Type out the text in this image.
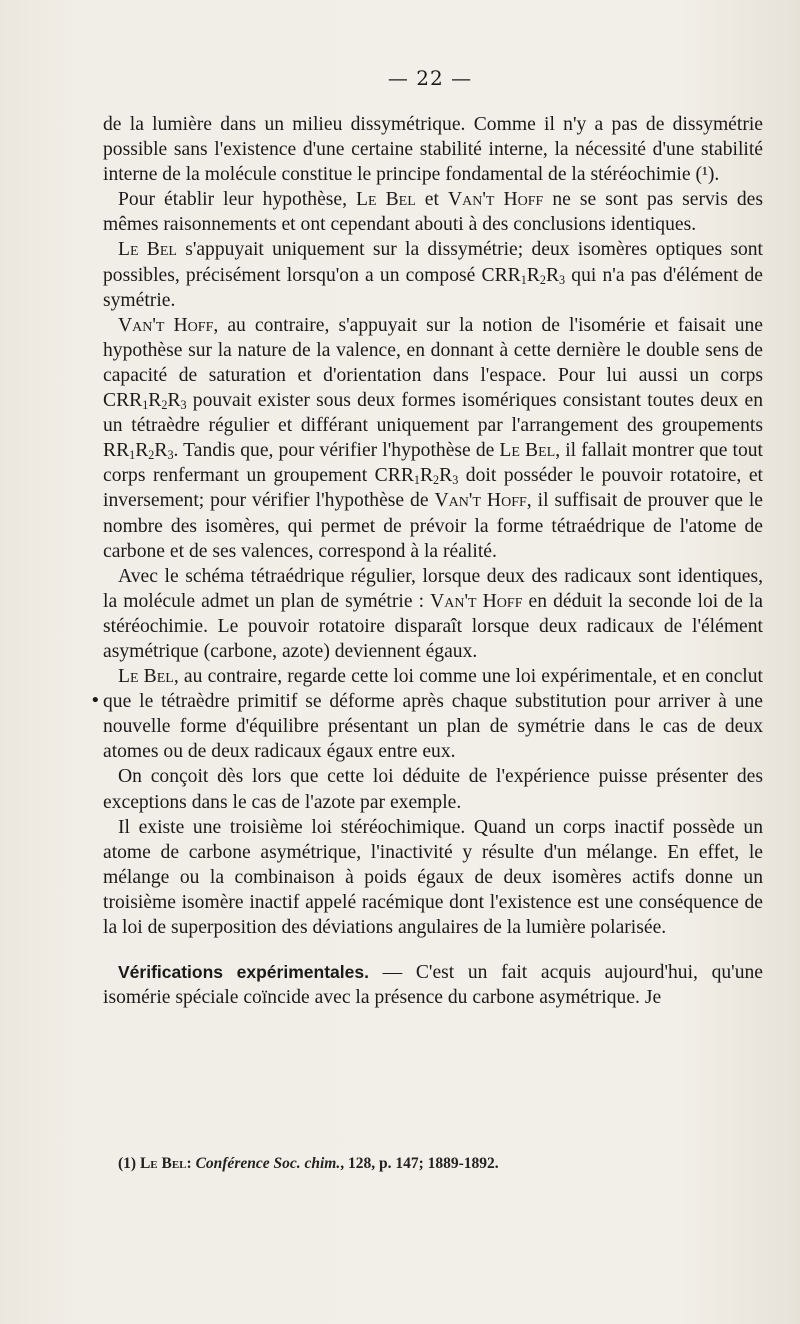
— 22 —
•

de la lumière dans un milieu dissymétrique. Comme il n'y a pas de dissymétrie possible sans l'existence d'une certaine stabilité interne, la nécessité d'une stabilité interne de la molécule constitue le principe fondamental de la stéréochimie (¹).

Pour établir leur hypothèse, Le Bel et Van't Hoff ne se sont pas servis des mêmes raisonnements et ont cependant abouti à des conclusions identiques.

Le Bel s'appuyait uniquement sur la dissymétrie; deux isomères optiques sont possibles, précisément lorsqu'on a un composé $CRR_1R_2R_3$ qui n'a pas d'élément de symétrie.

Van't Hoff, au contraire, s'appuyait sur la notion de l'isomérie et faisait une hypothèse sur la nature de la valence, en donnant à cette dernière le double sens de capacité de saturation et d'orientation dans l'espace. Pour lui aussi un corps $CRR_1R_2R_3$ pouvait exister sous deux formes isomériques consistant toutes deux en un tétraèdre régulier et différant uniquement par l'arrangement des groupements $RR_1R_2R_3$. Tandis que, pour vérifier l'hypothèse de Le Bel, il fallait montrer que tout corps renfermant un groupement $CRR_1R_2R_3$ doit posséder le pouvoir rotatoire, et inversement; pour vérifier l'hypothèse de Van't Hoff, il suffisait de prouver que le nombre des isomères, qui permet de prévoir la forme tétraédrique de l'atome de carbone et de ses valences, correspond à la réalité.

Avec le schéma tétraédrique régulier, lorsque deux des radicaux sont identiques, la molécule admet un plan de symétrie : Van't Hoff en déduit la seconde loi de la stéréochimie. Le pouvoir rotatoire disparaît lorsque deux radicaux de l'élément asymétrique (carbone, azote) deviennent égaux.

Le Bel, au contraire, regarde cette loi comme une loi expérimentale, et en conclut que le tétraèdre primitif se déforme après chaque substitution pour arriver à une nouvelle forme d'équilibre présentant un plan de symétrie dans le cas de deux atomes ou de deux radicaux égaux entre eux.

On conçoit dès lors que cette loi déduite de l'expérience puisse présenter des exceptions dans le cas de l'azote par exemple.

Il existe une troisième loi stéréochimique. Quand un corps inactif possède un atome de carbone asymétrique, l'inactivité y résulte d'un mélange. En effet, le mélange ou la combinaison à poids égaux de deux isomères actifs donne un troisième isomère inactif appelé racémique dont l'existence est une conséquence de la loi de superposition des déviations angulaires de la lumière polarisée.

Vérifications expérimentales. — C'est un fait acquis aujourd'hui, qu'une isomérie spéciale coïncide avec la présence du carbone asymétrique. Je

(1) Le Bel: Conférence Soc. chim., 128, p. 147; 1889-1892.
